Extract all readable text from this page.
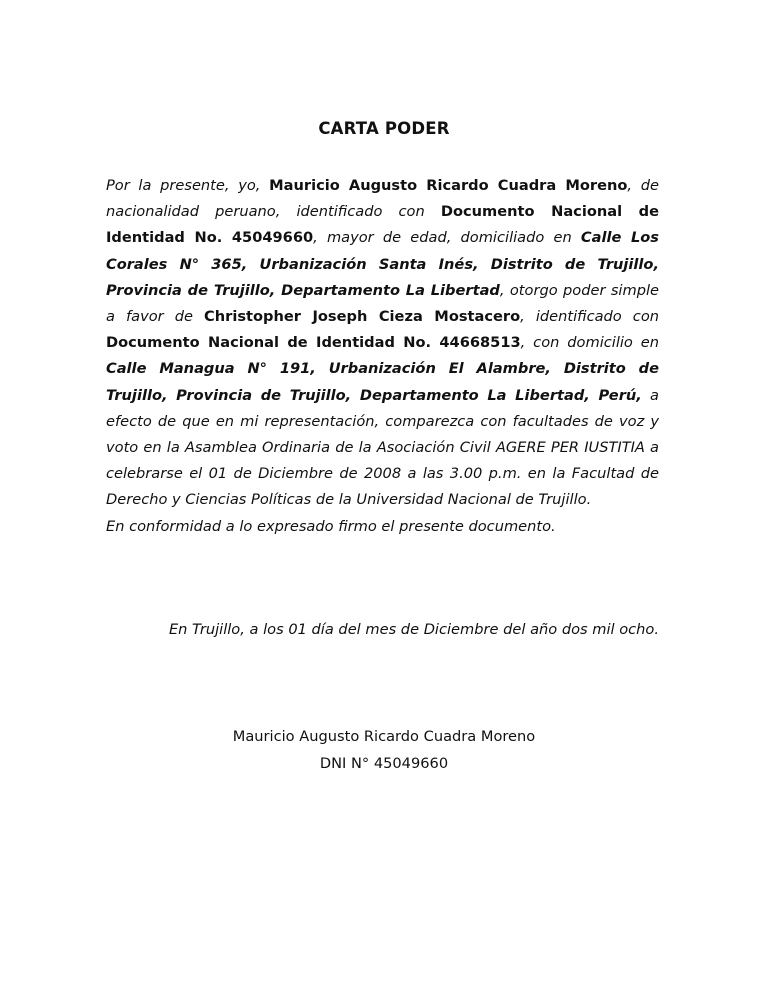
CARTA PODER

Por la presente, yo, Mauricio Augusto Ricardo Cuadra Moreno, de nacionalidad peruano, identificado con Documento Nacional de Identidad No. 45049660, mayor de edad, domiciliado en Calle Los Corales N° 365, Urbanización Santa Inés, Distrito de Trujillo, Provincia de Trujillo, Departamento La Libertad, otorgo poder simple a favor de Christopher Joseph Cieza Mostacero, identificado con Documento Nacional de Identidad No. 44668513, con domicilio en Calle Managua N° 191, Urbanización El Alambre, Distrito de Trujillo, Provincia de Trujillo, Departamento La Libertad, Perú, a efecto de que en mi representación, comparezca con facultades de voz y voto en la Asamblea Ordinaria de la Asociación Civil AGERE PER IUSTITIA a celebrarse el 01 de Diciembre de 2008 a las 3.00 p.m. en la Facultad de Derecho y Ciencias Políticas de la Universidad Nacional de Trujillo.

En conformidad a lo expresado firmo el presente documento.

En Trujillo, a los 01 día del mes de Diciembre del año dos mil ocho.
Mauricio Augusto Ricardo Cuadra Moreno
DNI N° 45049660
